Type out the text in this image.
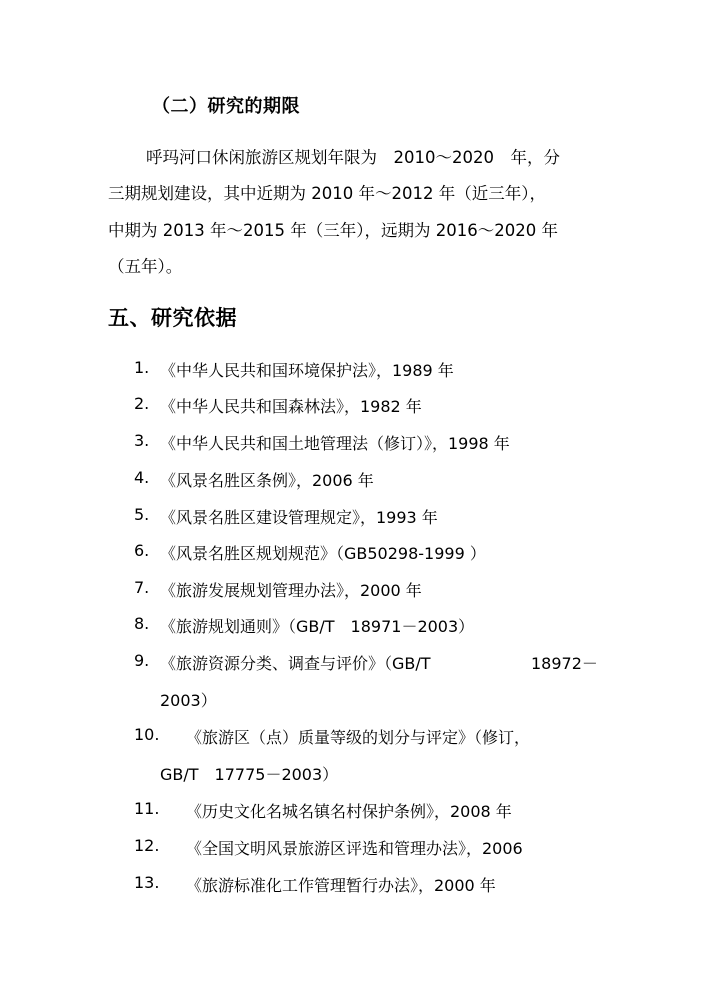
（二）研究的期限
呼玛河口休闲旅游区规划年限为　2010～2020　年，分
三期规划建设，其中近期为 2010 年～2012 年（近三年），
中期为 2013 年～2015 年（三年），远期为 2016～2020 年
（五年）。
五、研究依据
1. 《中华人民共和国环境保护法》，1989 年
2. 《中华人民共和国森林法》，1982 年
3. 《中华人民共和国土地管理法（修订）》，1998 年
4. 《风景名胜区条例》，2006 年
5. 《风景名胜区建设管理规定》，1993 年
6. 《风景名胜区规划规范》（GB50298-1999 ）
7. 《旅游发展规划管理办法》，2000 年
8. 《旅游规划通则》（GB/T　18971－2003）
9. 《旅游资源分类、调查与评价》（GB/T	18972－
2003）
10. 《旅游区（点）质量等级的划分与评定》（修订，
GB/T　17775－2003）
11. 《历史文化名城名镇名村保护条例》，2008 年
12. 《全国文明风景旅游区评选和管理办法》，2006
13. 《旅游标准化工作管理暂行办法》，2000 年
